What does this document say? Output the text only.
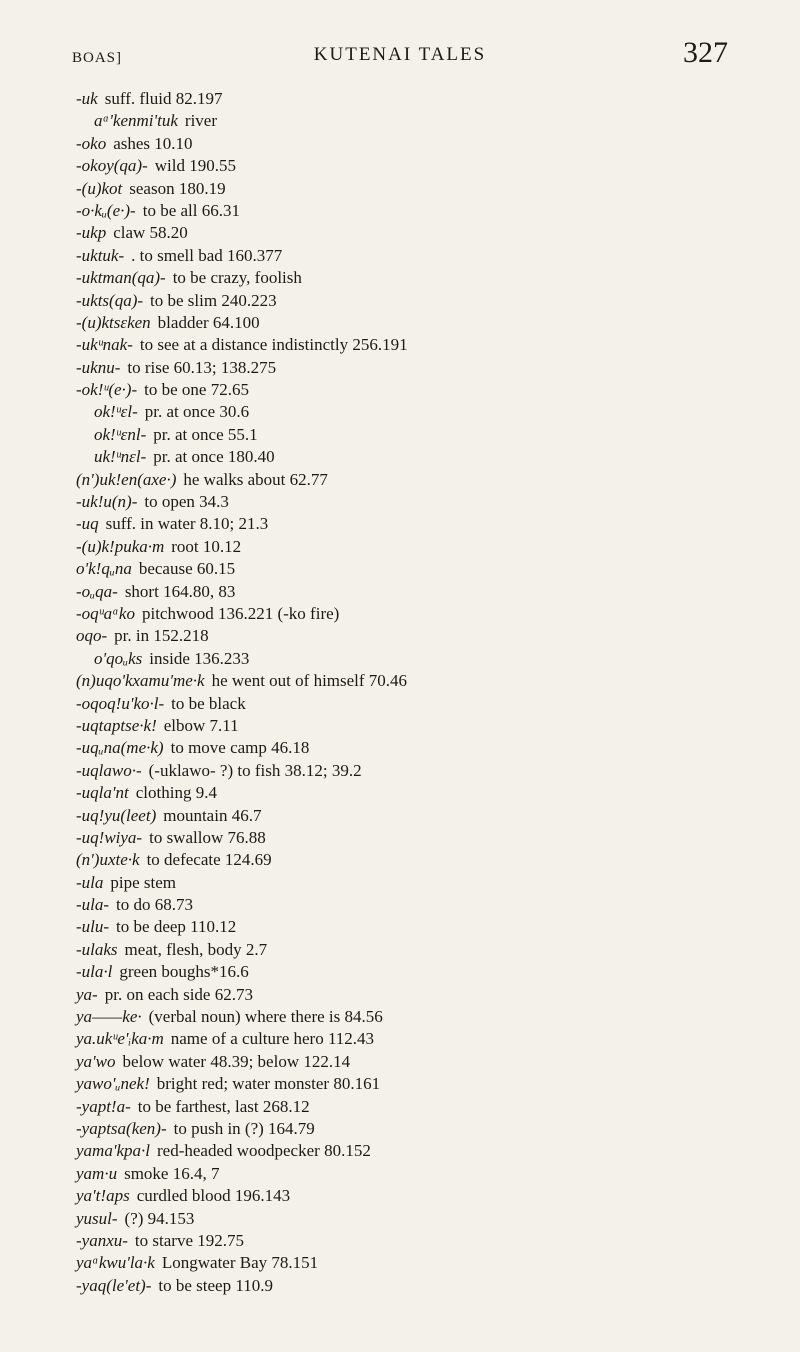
BOAS]	KUTENAI TALES	327
-uk suff. fluid 82.197
aᵅ'kenmi'tuk river
-oko ashes 10.10
-okoy(qa)- wild 190.55
-(u)kot season 180.19
-o·kᵤ(e·)- to be all 66.31
-ukp claw 58.20
-uktuk- . to smell bad 160.377
-uktman(qa)- to be crazy, foolish
-ukts(qa)- to be slim 240.223
-(u)ktsɛken bladder 64.100
-ukᵘnak- to see at a distance indistinctly 256.191
-uknu- to rise 60.13; 138.275
-ok!ᵘ(e·)- to be one 72.65
ok!ᵘɛl- pr. at once 30.6
ok!ᵘɛnl- pr. at once 55.1
uk!ᵘnɛl- pr. at once 180.40
(n')uk!en(axe·) he walks about 62.77
-uk!u(n)- to open 34.3
-uq suff. in water 8.10; 21.3
-(u)k!puka·m root 10.12
o'k!qᵤna because 60.15
-oᵤqa- short 164.80, 83
-oqᵘaᵅko pitchwood 136.221 (-ko fire)
oqo- pr. in 152.218
o'qoᵤks inside 136.233
(n)uqo'kxamu'me·k he went out of himself 70.46
-oqoq!u'ko·l- to be black
-uqtaptse·k! elbow 7.11
-uqᵤna(me·k) to move camp 46.18
-uqlawo·- (-uklawo- ?) to fish 38.12; 39.2
-uqla'nt clothing 9.4
-uq!yu(leet) mountain 46.7
-uq!wiya- to swallow 76.88
(n')uxte·k to defecate 124.69
-ula pipe stem
-ula- to do 68.73
-ulu- to be deep 110.12
-ulaks meat, flesh, body 2.7
-ula·l green boughs*16.6
ya- pr. on each side 62.73
ya——ke· (verbal noun) where there is 84.56
ya.ukᵘe'ᵢka·m name of a culture hero 112.43
ya'wo below water 48.39; below 122.14
yawo'ᵤnek! bright red; water monster 80.161
-yapt!a- to be farthest, last 268.12
-yaptsa(ken)- to push in (?) 164.79
yama'kpa·l red-headed woodpecker 80.152
yam·u smoke 16.4, 7
ya't!aps curdled blood 196.143
yusul- (?) 94.153
-yanxu- to starve 192.75
yaᵅkwu'la·k Longwater Bay 78.151
-yaq(le'et)- to be steep 110.9
